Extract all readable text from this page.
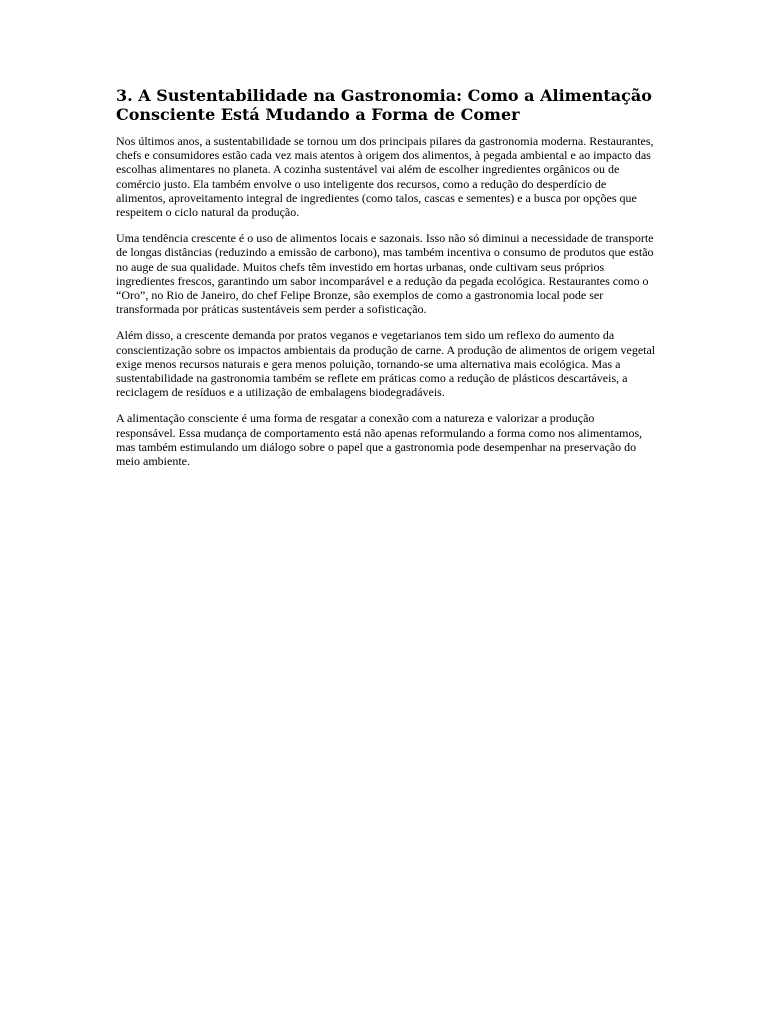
3. A Sustentabilidade na Gastronomia: Como a Alimentação Consciente Está Mudando a Forma de Comer

Nos últimos anos, a sustentabilidade se tornou um dos principais pilares da gastronomia moderna. Restaurantes, chefs e consumidores estão cada vez mais atentos à origem dos alimentos, à pegada ambiental e ao impacto das escolhas alimentares no planeta. A cozinha sustentável vai além de escolher ingredientes orgânicos ou de comércio justo. Ela também envolve o uso inteligente dos recursos, como a redução do desperdício de alimentos, aproveitamento integral de ingredientes (como talos, cascas e sementes) e a busca por opções que respeitem o ciclo natural da produção.

Uma tendência crescente é o uso de alimentos locais e sazonais. Isso não só diminui a necessidade de transporte de longas distâncias (reduzindo a emissão de carbono), mas também incentiva o consumo de produtos que estão no auge de sua qualidade. Muitos chefs têm investido em hortas urbanas, onde cultivam seus próprios ingredientes frescos, garantindo um sabor incomparável e a redução da pegada ecológica. Restaurantes como o “Oro”, no Rio de Janeiro, do chef Felipe Bronze, são exemplos de como a gastronomia local pode ser transformada por práticas sustentáveis sem perder a sofisticação.

Além disso, a crescente demanda por pratos veganos e vegetarianos tem sido um reflexo do aumento da conscientização sobre os impactos ambientais da produção de carne. A produção de alimentos de origem vegetal exige menos recursos naturais e gera menos poluição, tornando-se uma alternativa mais ecológica. Mas a sustentabilidade na gastronomia também se reflete em práticas como a redução de plásticos descartáveis, a reciclagem de resíduos e a utilização de embalagens biodegradáveis.

A alimentação consciente é uma forma de resgatar a conexão com a natureza e valorizar a produção responsável. Essa mudança de comportamento está não apenas reformulando a forma como nos alimentamos, mas também estimulando um diálogo sobre o papel que a gastronomia pode desempenhar na preservação do meio ambiente.
